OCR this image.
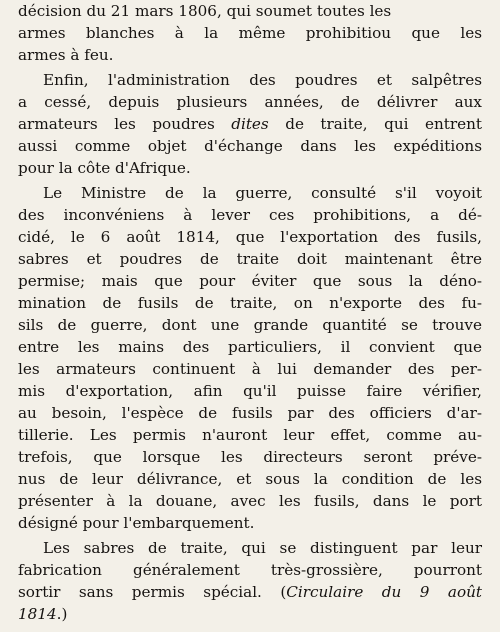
décision du 21 mars 1806, qui soumet toutes les
armes blanches à la même prohibitiou que les
armes à feu.
Enfin, l'administration des poudres et salpêtres
a cessé, depuis plusieurs années, de délivrer aux
armateurs les poudres dites de traite, qui entrent
aussi comme objet d'échange dans les expéditions
pour la côte d'Afrique.
Le Ministre de la guerre, consulté s'il voyoit
des inconvéniens à lever ces prohibitions, a dé-
cidé, le 6 août 1814, que l'exportation des fusils,
sabres et poudres de traite doit maintenant être
permise; mais que pour éviter que sous la déno-
mination de fusils de traite, on n'exporte des fu-
sils de guerre, dont une grande quantité se trouve
entre les mains des particuliers, il convient que
les armateurs continuent à lui demander des per-
mis d'exportation, afin qu'il puisse faire vérifier,
au besoin, l'espèce de fusils par des officiers d'ar-
tillerie. Les permis n'auront leur effet, comme au-
trefois, que lorsque les directeurs seront préve-
nus de leur délivrance, et sous la condition de les
présenter à la douane, avec les fusils, dans le port
désigné pour l'embarquement.
Les sabres de traite, qui se distinguent par leur
fabrication généralement très-grossière, pourront
sortir sans permis spécial. (Circulaire du 9 août
1814.)
